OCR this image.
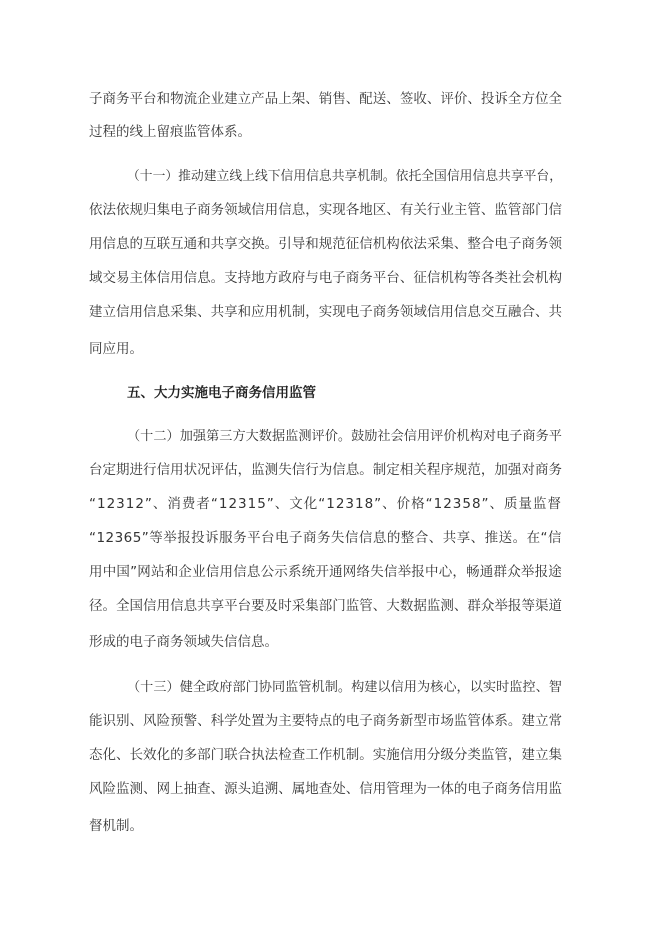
子商务平台和物流企业建立产品上架、销售、配送、签收、评价、投诉全方位全
过程的线上留痕监管体系。
（十一）推动建立线上线下信用信息共享机制。依托全国信用信息共享平台，
依法依规归集电子商务领域信用信息，实现各地区、有关行业主管、监管部门信
用信息的互联互通和共享交换。引导和规范征信机构依法采集、整合电子商务领
域交易主体信用信息。支持地方政府与电子商务平台、征信机构等各类社会机构
建立信用信息采集、共享和应用机制，实现电子商务领域信用信息交互融合、共
同应用。
五、大力实施电子商务信用监管
（十二）加强第三方大数据监测评价。鼓励社会信用评价机构对电子商务平
台定期进行信用状况评估，监测失信行为信息。制定相关程序规范，加强对商务
“12312”、消费者“12315”、文化“12318”、价格“12358”、质量监督
“12365”等举报投诉服务平台电子商务失信信息的整合、共享、推送。在“信
用中国”网站和企业信用信息公示系统开通网络失信举报中心，畅通群众举报途
径。全国信用信息共享平台要及时采集部门监管、大数据监测、群众举报等渠道
形成的电子商务领域失信信息。
（十三）健全政府部门协同监管机制。构建以信用为核心，以实时监控、智
能识别、风险预警、科学处置为主要特点的电子商务新型市场监管体系。建立常
态化、长效化的多部门联合执法检查工作机制。实施信用分级分类监管，建立集
风险监测、网上抽查、源头追溯、属地查处、信用管理为一体的电子商务信用监
督机制。
